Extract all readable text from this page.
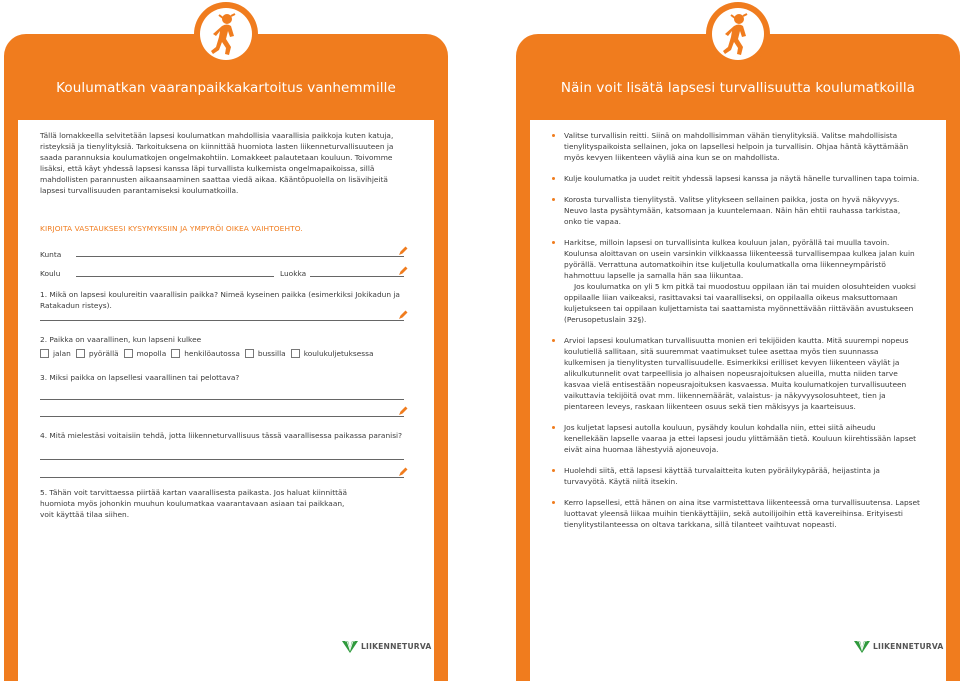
Koulumatkan vaaranpaikkakartoitus vanhemmille
Tällä lomakkeella selvitetään lapsesi koulumatkan mahdollisia vaarallisia paikkoja kuten katuja, risteyksiä ja tienylityksiä. Tarkoituksena on kiinnittää huomiota lasten liikenneturvallisuuteen ja saada parannuksia koulumatkojen ongelmakohtiin. Lomakkeet palautetaan kouluun. Toivomme lisäksi, että käyt yhdessä lapsesi kanssa läpi turvallista kulkemista ongelmapaikoissa, sillä mahdollisten parannusten aikaansaaminen saattaa viedä aikaa. Kääntöpuolella on lisävihjeitä lapsesi turvallisuuden parantamiseksi koulumatkoilla.
KIRJOITA VASTAUKSESI KYSYMYKSIIN JA YMPYRÖI OIKEA VAIHTOEHTO.
Kunta
Koulu	Luokka
1. Mikä on lapsesi koulureitin vaarallisin paikka? Nimeä kyseinen paikka (esimerkiksi Jokikadun ja Ratakadun risteys).
2. Paikka on vaarallinen, kun lapseni kulkee
jalan pyörällä mopolla henkilöautossa bussilla koulukuljetuksessa
3. Miksi paikka on lapsellesi vaarallinen tai pelottava?
4. Mitä mielestäsi voitaisiin tehdä, jotta liikenneturvallisuus tässä vaarallisessa paikassa paranisi?
5. Tähän voit tarvittaessa piirtää kartan vaarallisesta paikasta. Jos haluat kiinnittää huomiota myös johonkin muuhun koulumatkaa vaarantavaan asiaan tai paikkaan, voit käyttää tilaa siihen.
LIIKENNETURVA
Näin voit lisätä lapsesi turvallisuutta koulumatkoilla

Valitse turvallisin reitti. Siinä on mahdollisimman vähän tienylityksiä. Valitse mahdollisista tienylityspaikoista sellainen, joka on lapsellesi helpoin ja turvallisin. Ohjaa häntä käyttämään myös kevyen liikenteen väyliä aina kun se on mahdollista.

Kulje koulumatka ja uudet reitit yhdessä lapsesi kanssa ja näytä hänelle turvallinen tapa toimia.

Korosta turvallista tienylitystä. Valitse ylitykseen sellainen paikka, josta on hyvä näkyvyys. Neuvo lasta pysähtymään, katsomaan ja kuuntelemaan. Näin hän ehtii rauhassa tarkistaa, onko tie vapaa.

Harkitse, milloin lapsesi on turvallisinta kulkea kouluun jalan, pyörällä tai muulla tavoin. Koulunsa aloittavan on usein varsinkin vilkkaassa liikenteessä turvallisempaa kulkea jalan kuin pyörällä. Verrattuna automatkoihin itse kuljetulla koulumatkalla oma liikenneympäristö hahmottuu lapselle ja samalla hän saa liikuntaa.

Jos koulumatka on yli 5 km pitkä tai muodostuu oppilaan iän tai muiden olosuhteiden vuoksi oppilaalle liian vaikeaksi, rasittavaksi tai vaaralliseksi, on oppilaalla oikeus maksuttomaan kuljetukseen tai oppilaan kuljettamista tai saattamista myönnettävään riittävään avustukseen (Perusopetuslain 32§).

Arvioi lapsesi koulumatkan turvallisuutta monien eri tekijöiden kautta. Mitä suurempi nopeus koulutiellä sallitaan, sitä suuremmat vaatimukset tulee asettaa myös tien suunnassa kulkemisen ja tienylitysten turvallisuudelle. Esimerkiksi erilliset kevyen liikenteen väylät ja alikulkutunnelit ovat tarpeellisia jo alhaisen nopeusrajoituksen alueilla, mutta niiden tarve kasvaa vielä entisestään nopeusrajoituksen kasvaessa. Muita koulumatkojen turvallisuuteen vaikuttavia tekijöitä ovat mm. liikennemäärät, valaistus- ja näkyvyysolosuhteet, tien ja pientareen leveys, raskaan liikenteen osuus sekä tien mäkisyys ja kaarteisuus.

Jos kuljetat lapsesi autolla kouluun, pysähdy koulun kohdalla niin, ettei siitä aiheudu kenellekään lapselle vaaraa ja ettei lapsesi joudu ylittämään tietä. Kouluun kiirehtissään lapset eivät aina huomaa lähestyviä ajoneuvoja.

Huolehdi siitä, että lapsesi käyttää turvalaitteita kuten pyöräilykypärää, heijastinta ja turvavyötä. Käytä niitä itsekin.

Kerro lapsellesi, että hänen on aina itse varmistettava liikenteessä oma turvallisuutensa. Lapset luottavat yleensä liikaa muihin tienkäyttäjiin, sekä autoilijoihin että kavereihinsa. Erityisesti tienylitystilanteessa on oltava tarkkana, sillä tilanteet vaihtuvat nopeasti.

LIIKENNETURVA
